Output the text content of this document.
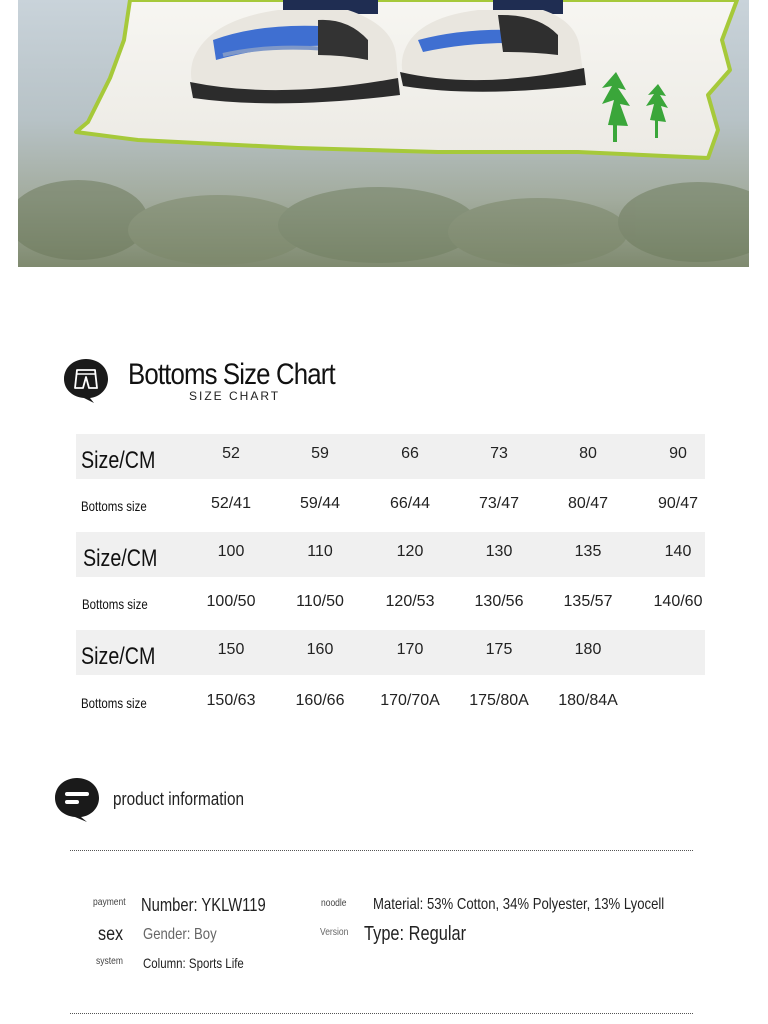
Bottoms Size Chart
SIZE CHART
Size/CM	52	59	66	73	80	90
Bottoms size	52/41	59/44	66/44	73/47	80/47	90/47
Size/CM	100	110	120	130	135	140
Bottoms size	100/50	110/50	120/53	130/56	135/57	140/60
Size/CM	150	160	170	175	180
Bottoms size	150/63	160/66	170/70A	175/80A	180/84A
product information
payment Number: YKLW119	noodle Material: 53% Cotton, 34% Polyester, 13% Lyocell
sex Gender: Boy	Version Type: Regular
system Column: Sports Life
